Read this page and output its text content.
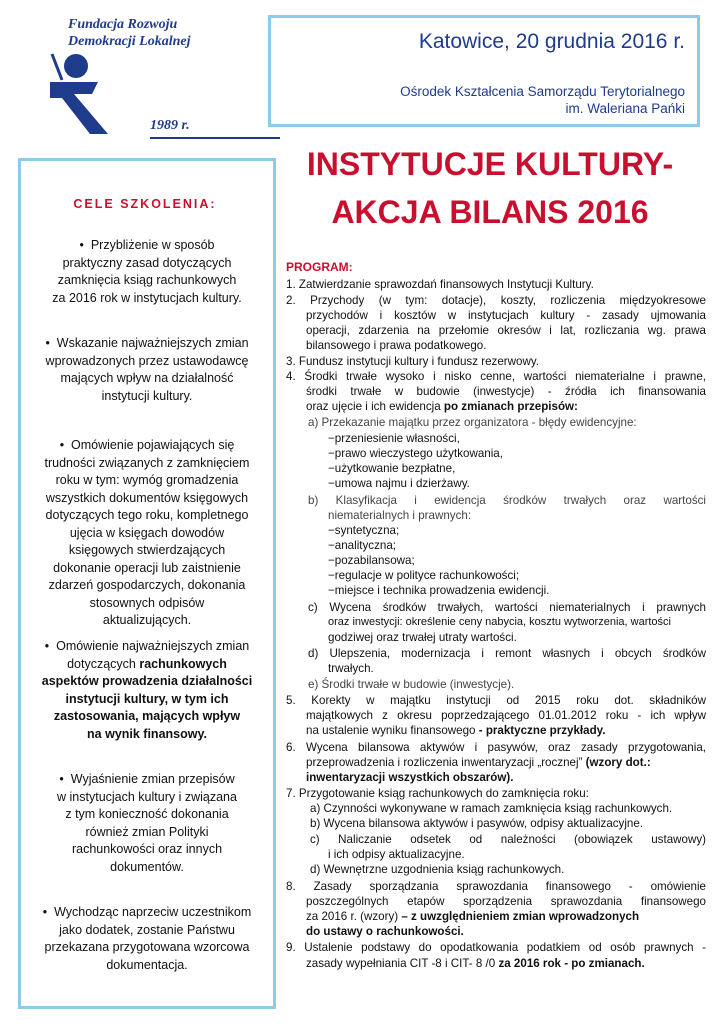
Fundacja Rozwoju
Demokracji Lokalnej
1989 r.
Katowice, 20 grudnia 2016 r.
Ośrodek Kształcenia Samorządu Terytorialnego
im. Waleriana Pańki
INSTYTUCJE KULTURY-
AKCJA BILANS 2016
CELE SZKOLENIA:
• Przybliżenie w sposób
praktyczny zasad dotyczących
zamknięcia ksiąg rachunkowych
za 2016 rok w instytucjach kultury.
• Wskazanie najważniejszych zmian
wprowadzonych przez ustawodawcę
mających wpływ na działalność
instytucji kultury.
• Omówienie pojawiających się
trudności związanych z zamknięciem
roku w tym: wymóg gromadzenia
wszystkich dokumentów księgowych
dotyczących tego roku, kompletnego
ujęcia w księgach dowodów
księgowych stwierdzających
dokonanie operacji lub zaistnienie
zdarzeń gospodarczych, dokonania
stosownych odpisów
aktualizujących.
• Omówienie najważniejszych zmian
dotyczących rachunkowych
aspektów prowadzenia działalności
instytucji kultury, w tym ich
zastosowania, mających wpływ
na wynik finansowy.
• Wyjaśnienie zmian przepisów
w instytucjach kultury i związana
z tym konieczność dokonania
również zmian Polityki
rachunkowości oraz innych
dokumentów.
• Wychodząc naprzeciw uczestnikom
jako dodatek, zostanie Państwu
przekazana przygotowana wzorcowa
dokumentacja.
PROGRAM:
1. Zatwierdzanie sprawozdań finansowych Instytucji Kultury.
2. Przychody (w tym: dotacje), koszty, rozliczenia międzyokresowe
przychodów i kosztów w instytucjach kultury - zasady ujmowania
operacji, zdarzenia na przełomie okresów i lat, rozliczania wg. prawa
bilansowego i prawa podatkowego.
3. Fundusz instytucji kultury i fundusz rezerwowy.
4. Środki trwałe wysoko i nisko cenne, wartości niematerialne i prawne,
środki trwałe w budowie (inwestycje) - źródła ich finansowania
oraz ujęcie i ich ewidencja po zmianach przepisów:
a) Przekazanie majątku przez organizatora - błędy ewidencyjne:
−przeniesienie własności,
−prawo wieczystego użytkowania,
−użytkowanie bezpłatne,
−umowa najmu i dzierżawy.
b) Klasyfikacja i ewidencja środków trwałych oraz wartości
niematerialnych i prawnych:
−syntetyczna;
−analityczna;
−pozabilansowa;
−regulacje w polityce rachunkowości;
−miejsce i technika prowadzenia ewidencji.
c) Wycena środków trwałych, wartości niematerialnych i prawnych
oraz inwestycji: określenie ceny nabycia, kosztu wytworzenia, wartości
godziwej oraz trwałej utraty wartości.
d) Ulepszenia, modernizacja i remont własnych i obcych środków
trwałych.
e) Środki trwałe w budowie (inwestycje).
5. Korekty w majątku instytucji od 2015 roku dot. składników
majątkowych z okresu poprzedzającego 01.01.2012 roku - ich wpływ
na ustalenie wyniku finansowego - praktyczne przykłady.
6. Wycena bilansowa aktywów i pasywów, oraz zasady przygotowania,
przeprowadzenia i rozliczenia inwentaryzacji „rocznej” (wzory dot.:
inwentaryzacji wszystkich obszarów).
7. Przygotowanie ksiąg rachunkowych do zamknięcia roku:
a) Czynności wykonywane w ramach zamknięcia ksiąg rachunkowych.
b) Wycena bilansowa aktywów i pasywów, odpisy aktualizacyjne.
c) Naliczanie odsetek od należności (obowiązek ustawowy)
i ich odpisy aktualizacyjne.
d) Wewnętrzne uzgodnienia ksiąg rachunkowych.
8. Zasady sporządzania sprawozdania finansowego - omówienie
poszczególnych etapów sporządzenia sprawozdania finansowego
za 2016 r. (wzory) – z uwzględnieniem zmian wprowadzonych
do ustawy o rachunkowości.
9. Ustalenie podstawy do opodatkowania podatkiem od osób prawnych -
zasady wypełniania CIT -8 i CIT- 8 /0 za 2016 rok - po zmianach.
